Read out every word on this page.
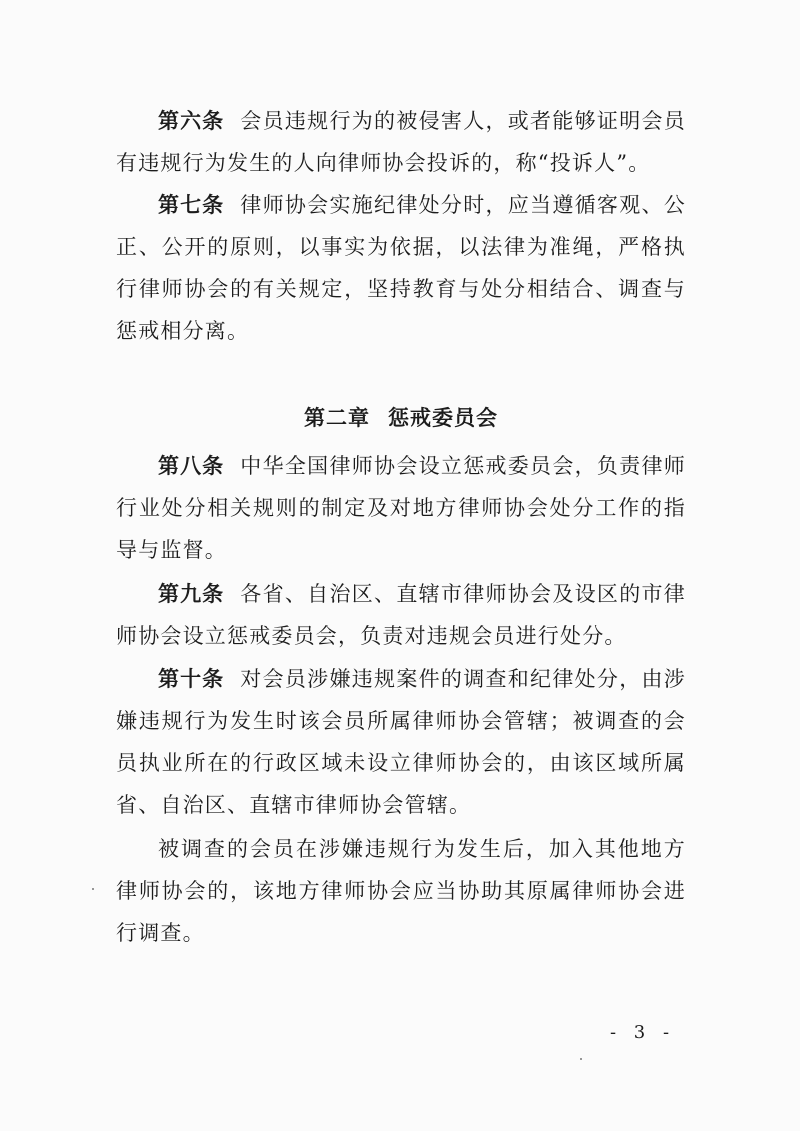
第六条 会员违规行为的被侵害人，或者能够证明会员有违规行为发生的人向律师协会投诉的，称“投诉人”。

第七条 律师协会实施纪律处分时，应当遵循客观、公正、公开的原则，以事实为依据，以法律为准绳，严格执行律师协会的有关规定，坚持教育与处分相结合、调查与惩戒相分离。

第二章 惩戒委员会

第八条 中华全国律师协会设立惩戒委员会，负责律师行业处分相关规则的制定及对地方律师协会处分工作的指导与监督。

第九条 各省、自治区、直辖市律师协会及设区的市律师协会设立惩戒委员会，负责对违规会员进行处分。

第十条 对会员涉嫌违规案件的调查和纪律处分，由涉嫌违规行为发生时该会员所属律师协会管辖；被调查的会员执业所在的行政区域未设立律师协会的，由该区域所属省、自治区、直辖市律师协会管辖。

被调查的会员在涉嫌违规行为发生后，加入其他地方律师协会的，该地方律师协会应当协助其原属律师协会进行调查。

- 3 -
